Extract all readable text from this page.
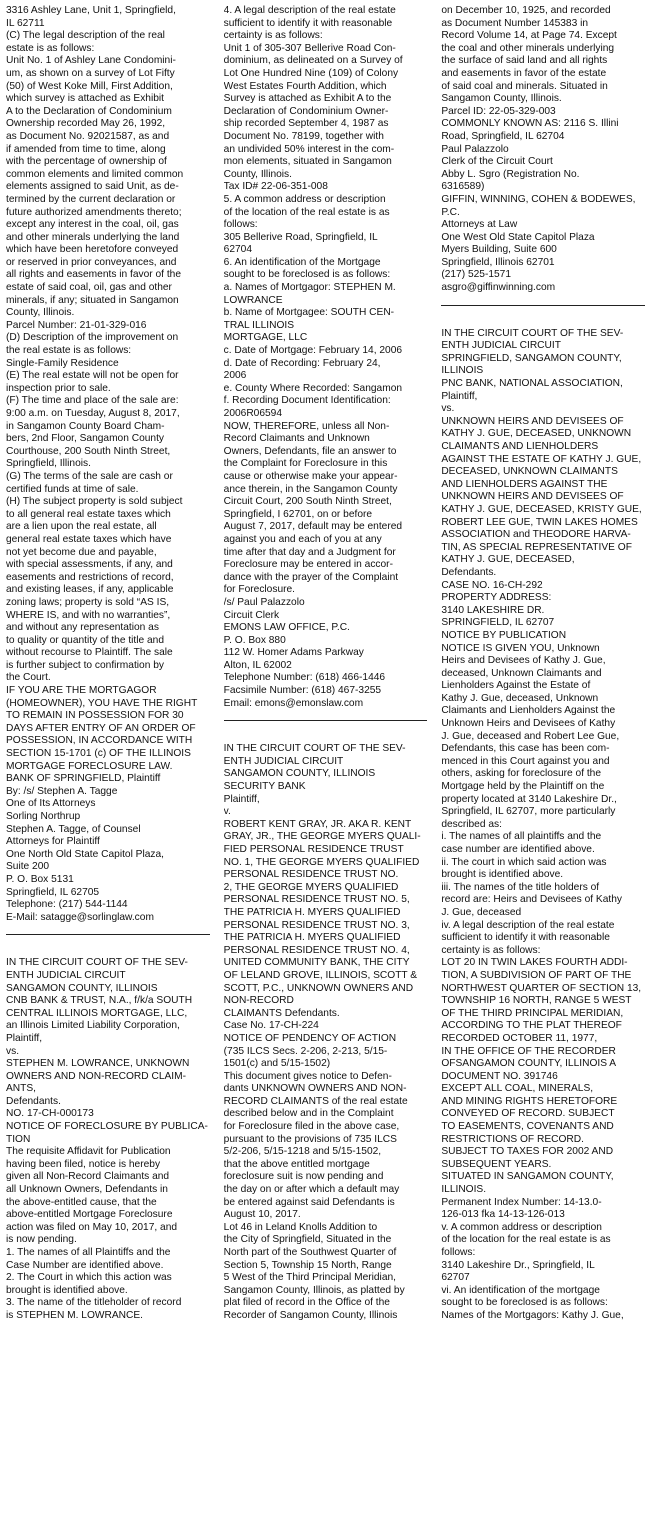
3316 Ashley Lane, Unit 1, Springfield,

IL 62711

(C) The legal description of the real

estate is as follows:

Unit No. 1 of Ashley Lane Condomini-

um, as shown on a survey of Lot Fifty

(50) of West Koke Mill, First Addition,

which survey is attached as Exhibit

A to the Declaration of Condominium

Ownership recorded May 26, 1992,

as Document No. 92021587, as and

if amended from time to time, along

with the percentage of ownership of

common elements and limited common

elements assigned to said Unit, as de-

termined by the current declaration or

future authorized amendments thereto;

except any interest in the coal, oil, gas

and other minerals underlying the land

which have been heretofore conveyed

or reserved in prior conveyances, and

all rights and easements in favor of the

estate of said coal, oil, gas and other

minerals, if any; situated in Sangamon

County, Illinois.

Parcel Number: 21-01-329-016

(D) Description of the improvement on

the real estate is as follows:

Single-Family Residence

(E) The real estate will not be open for

inspection prior to sale.

(F) The time and place of the sale are:

9:00 a.m. on Tuesday, August 8, 2017,

in Sangamon County Board Cham-

bers, 2nd Floor, Sangamon County

Courthouse, 200 South Ninth Street,

Springfield, Illinois.

(G) The terms of the sale are cash or

certified funds at time of sale.

(H) The subject property is sold subject

to all general real estate taxes which

are a lien upon the real estate, all

general real estate taxes which have

not yet become due and payable,

with special assessments, if any, and

easements and restrictions of record,

and existing leases, if any, applicable

zoning laws; property is sold “AS IS,

WHERE IS, and with no warranties”,

and without any representation as

to quality or quantity of the title and

without recourse to Plaintiff. The sale

is further subject to confirmation by

the Court.

IF YOU ARE THE MORTGAGOR

(HOMEOWNER), YOU HAVE THE RIGHT

TO REMAIN IN POSSESSION FOR 30

DAYS AFTER ENTRY OF AN ORDER OF

POSSESSION, IN ACCORDANCE WITH

SECTION 15-1701 (c) OF THE ILLINOIS

MORTGAGE FORECLOSURE LAW.

BANK OF SPRINGFIELD, Plaintiff

By: /s/ Stephen A. Tagge

One of Its Attorneys

Sorling Northrup

Stephen A. Tagge, of Counsel

Attorneys for Plaintiff

One North Old State Capitol Plaza,

Suite 200

P. O. Box 5131

Springfield, IL 62705

Telephone: (217) 544-1144

E-Mail: satagge@sorlinglaw.com

IN THE CIRCUIT COURT OF THE SEV-

ENTH JUDICIAL CIRCUIT

SANGAMON COUNTY, ILLINOIS

CNB BANK & TRUST, N.A., f/k/a SOUTH

CENTRAL ILLINOIS MORTGAGE, LLC,

an Illinois Limited Liability Corporation,

Plaintiff,

vs.

STEPHEN M. LOWRANCE, UNKNOWN

OWNERS AND NON-RECORD CLAIM-

ANTS,

Defendants.

NO. 17-CH-000173

NOTICE OF FORECLOSURE BY PUBLICA-

TION

The requisite Affidavit for Publication

having been filed, notice is hereby

given all Non-Record Claimants and

all Unknown Owners, Defendants in

the above-entitled cause, that the

above-entitled Mortgage Foreclosure

action was filed on May 10, 2017, and

is now pending.

1. The names of all Plaintiffs and the

Case Number are identified above.

2. The Court in which this action was

brought is identified above.

3. The name of the titleholder of record

is STEPHEN M. LOWRANCE.

4. A legal description of the real estate

sufficient to identify it with reasonable

certainty is as follows:

Unit 1 of 305-307 Bellerive Road Con-

dominium, as delineated on a Survey of

Lot One Hundred Nine (109) of Colony

West Estates Fourth Addition, which

Survey is attached as Exhibit A to the

Declaration of Condominium Owner-

ship recorded September 4, 1987 as

Document No. 78199, together with

an undivided 50% interest in the com-

mon elements, situated in Sangamon

County, Illinois.

Tax ID# 22-06-351-008

5. A common address or description

of the location of the real estate is as

follows:

305 Bellerive Road, Springfield, IL

62704

6. An identification of the Mortgage

sought to be foreclosed is as follows:

a. Names of Mortgagor: STEPHEN M.

LOWRANCE

b. Name of Mortgagee: SOUTH CEN-

TRAL ILLINOIS

MORTGAGE, LLC

c. Date of Mortgage: February 14, 2006

d. Date of Recording: February 24,

2006

e. County Where Recorded: Sangamon

f. Recording Document Identification:

2006R06594

NOW, THEREFORE, unless all Non-

Record Claimants and Unknown

Owners, Defendants, file an answer to

the Complaint for Foreclosure in this

cause or otherwise make your appear-

ance therein, in the Sangamon County

Circuit Court, 200 South Ninth Street,

Springfield, I 62701, on or before

August 7, 2017, default may be entered

against you and each of you at any

time after that day and a Judgment for

Foreclosure may be entered in accor-

dance with the prayer of the Complaint

for Foreclosure.

/s/ Paul Palazzolo

Circuit Clerk

EMONS LAW OFFICE, P.C.

P. O. Box 880

112 W. Homer Adams Parkway

Alton, IL 62002

Telephone Number: (618) 466-1446

Facsimile Number: (618) 467-3255

Email: emons@emonslaw.com

IN THE CIRCUIT COURT OF THE SEV-

ENTH JUDICIAL CIRCUIT

SANGAMON COUNTY, ILLINOIS

SECURITY BANK

Plaintiff,

v.

ROBERT KENT GRAY, JR. AKA R. KENT

GRAY, JR., THE GEORGE MYERS QUALI-

FIED PERSONAL RESIDENCE TRUST

NO. 1, THE GEORGE MYERS QUALIFIED

PERSONAL RESIDENCE TRUST NO.

2, THE GEORGE MYERS QUALIFIED

PERSONAL RESIDENCE TRUST NO. 5,

THE PATRICIA H. MYERS QUALIFIED

PERSONAL RESIDENCE TRUST NO. 3,

THE PATRICIA H. MYERS QUALIFIED

PERSONAL RESIDENCE TRUST NO. 4,

UNITED COMMUNITY BANK, THE CITY

OF LELAND GROVE, ILLINOIS, SCOTT &

SCOTT, P.C., UNKNOWN OWNERS AND

NON-RECORD

CLAIMANTS Defendants.

Case No. 17-CH-224

NOTICE OF PENDENCY OF ACTION

(735 ILCS Secs. 2-206, 2-213, 5/15-

1501(c) and 5/15-1502)

This document gives notice to Defen-

dants UNKNOWN OWNERS AND NON-

RECORD CLAIMANTS of the real estate

described below and in the Complaint

for Foreclosure filed in the above case,

pursuant to the provisions of 735 ILCS

5/2-206, 5/15-1218 and 5/15-1502,

that the above entitled mortgage

foreclosure suit is now pending and

the day on or after which a default may

be entered against said Defendants is

August 10, 2017.

Lot 46 in Leland Knolls Addition to

the City of Springfield, Situated in the

North part of the Southwest Quarter of

Section 5, Township 15 North, Range

5 West of the Third Principal Meridian,

Sangamon County, Illinois, as platted by

plat filed of record in the Office of the

Recorder of Sangamon County, Illinois

on December 10, 1925, and recorded

as Document Number 145383 in

Record Volume 14, at Page 74. Except

the coal and other minerals underlying

the surface of said land and all rights

and easements in favor of the estate

of said coal and minerals. Situated in

Sangamon County, Illinois.

Parcel ID: 22-05-329-003

COMMONLY KNOWN AS: 2116 S. Illini

Road, Springfield, IL 62704

Paul Palazzolo

Clerk of the Circuit Court

Abby L. Sgro (Registration No.

6316589)

GIFFIN, WINNING, COHEN & BODEWES,

P.C.

Attorneys at Law

One West Old State Capitol Plaza

Myers Building, Suite 600

Springfield, Illinois 62701

(217) 525-1571

asgro@giffinwinning.com

IN THE CIRCUIT COURT OF THE SEV-

ENTH JUDICIAL CIRCUIT

SPRINGFIELD, SANGAMON COUNTY,

ILLINOIS

PNC BANK, NATIONAL ASSOCIATION,

Plaintiff,

vs.

UNKNOWN HEIRS AND DEVISEES OF

KATHY J. GUE, DECEASED, UNKNOWN

CLAIMANTS AND LIENHOLDERS

AGAINST THE ESTATE OF KATHY J. GUE,

DECEASED, UNKNOWN CLAIMANTS

AND LIENHOLDERS AGAINST THE

UNKNOWN HEIRS AND DEVISEES OF

KATHY J. GUE, DECEASED, KRISTY GUE,

ROBERT LEE GUE, TWIN LAKES HOMES

ASSOCIATION and THEODORE HARVA-

TIN, AS SPECIAL REPRESENTATIVE OF

KATHY J. GUE, DECEASED,

Defendants.

CASE NO. 16-CH-292

PROPERTY ADDRESS:

3140 LAKESHIRE DR.

SPRINGFIELD, IL 62707

NOTICE BY PUBLICATION

NOTICE IS GIVEN YOU, Unknown

Heirs and Devisees of Kathy J. Gue,

deceased, Unknown Claimants and

Lienholders Against the Estate of

Kathy J. Gue, deceased, Unknown

Claimants and Lienholders Against the

Unknown Heirs and Devisees of Kathy

J. Gue, deceased and Robert Lee Gue,

Defendants, this case has been com-

menced in this Court against you and

others, asking for foreclosure of the

Mortgage held by the Plaintiff on the

property located at 3140 Lakeshire Dr.,

Springfield, IL 62707, more particularly

described as:

i. The names of all plaintiffs and the

case number are identified above.

ii. The court in which said action was

brought is identified above.

iii. The names of the title holders of

record are: Heirs and Devisees of Kathy

J. Gue, deceased

iv. A legal description of the real estate

sufficient to identify it with reasonable

certainty is as follows:

LOT 20 IN TWIN LAKES FOURTH ADDI-

TION, A SUBDIVISION OF PART OF THE

NORTHWEST QUARTER OF SECTION 13,

TOWNSHIP 16 NORTH, RANGE 5 WEST

OF THE THIRD PRINCIPAL MERIDIAN,

ACCORDING TO THE PLAT THEREOF

RECORDED OCTOBER 11, 1977,

IN THE OFFICE OF THE RECORDER

OFSANGAMON COUNTY, ILLINOIS A

DOCUMENT NO. 391746

EXCEPT ALL COAL, MINERALS,

AND MINING RIGHTS HERETOFORE

CONVEYED OF RECORD. SUBJECT

TO EASEMENTS, COVENANTS AND

RESTRICTIONS OF RECORD.

SUBJECT TO TAXES FOR 2002 AND

SUBSEQUENT YEARS.

SITUATED IN SANGAMON COUNTY,

ILLINOIS.

Permanent Index Number: 14-13.0-

126-013 fka 14-13-126-013

v. A common address or description

of the location for the real estate is as

follows:

3140 Lakeshire Dr., Springfield, IL

62707

vi. An identification of the mortgage

sought to be foreclosed is as follows:

Names of the Mortgagors: Kathy J. Gue,
